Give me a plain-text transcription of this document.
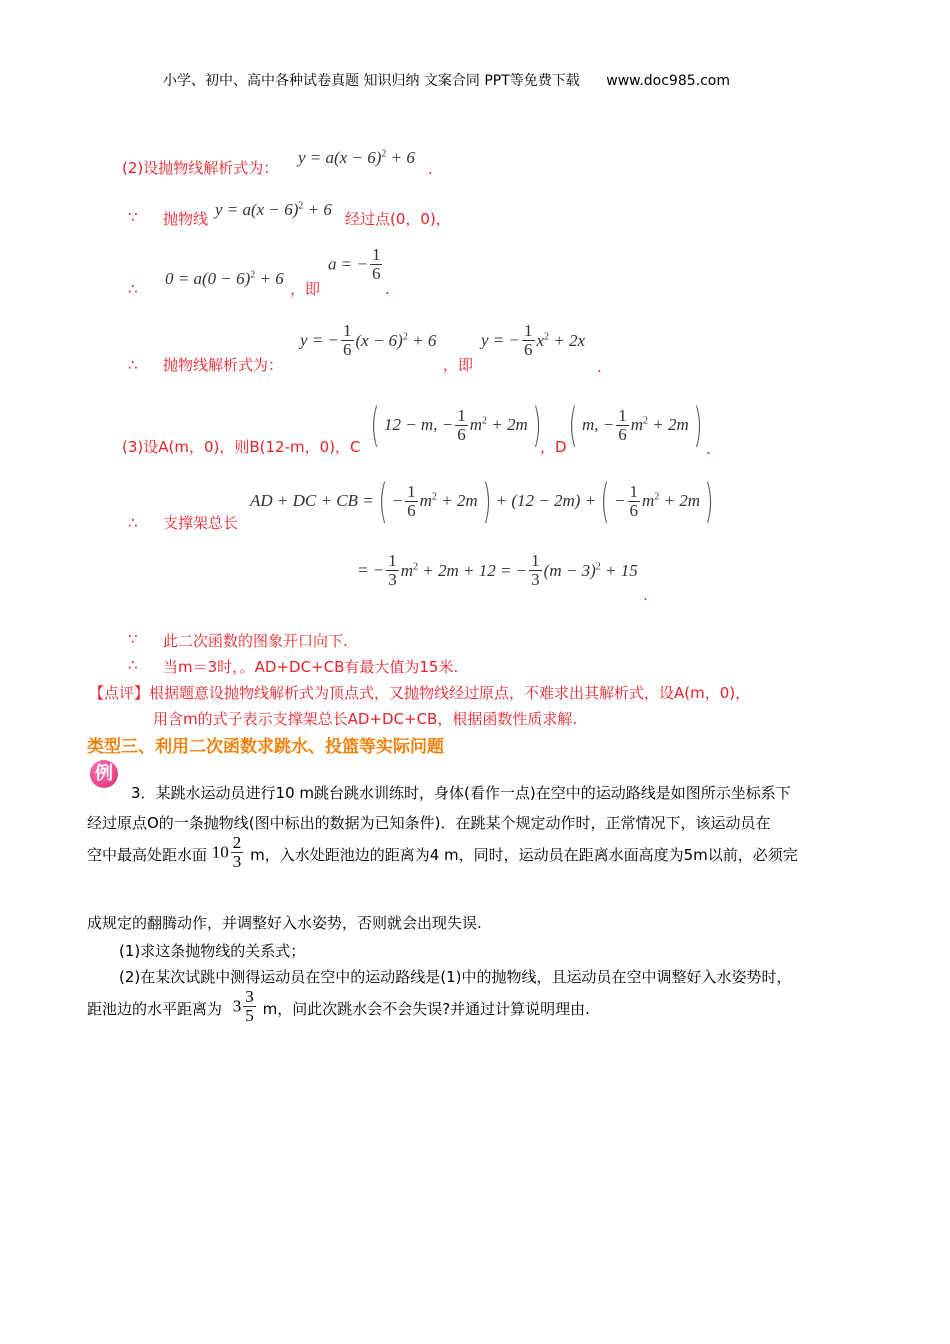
小学、初中、高中各种试卷真题 知识归纳 文案合同 PPT等免费下载 www.doc985.com
(2)设抛物线解析式为：
$y = a(x - 6)^2 + 6$
.
∵ 抛物线 $y = a(x - 6)^2 + 6$ 经过点(0，0)，
∴
$0 = a(0 - 6)^2 + 6$
，即
a = − $\frac{1}{6}$
.
∴ 抛物线解析式为：
y = − $\frac{1}{6} (x - 6)^2 + 6$
，即
y = − $\frac{1}{6} x^2 + 2x$
.
(3)设A(m，0)，则B(12-m，0)，C ( 12 − m, − $\frac{1}{6} m^2 + 2m$)
，D ( m, − $\frac{1}{6} m^2 + 2m$) .
∴ 支撑架总长
AD + DC + CB =( − $\frac{1}{6} m^2 + 2m) + (12 - 2m)$ +( − $\frac{1}{6} m^2 + 2m$)
= − $\frac{1}{3} m^2 + 2m + 12$ = − $\frac{1}{3} (m - 3)^2 + 15$
.
∵ 此二次函数的图象开口向下.
∴ 当m＝3时，。AD+DC+CB有最大值为15米.
【点评】根据题意设抛物线解析式为顶点式，又抛物线经过原点，不难求出其解析式，设A(m，0)，
用含m的式子表示支撑架总长AD+DC+CB，根据函数性质求解.
类型三、利用二次函数求跳水、投篮等实际问题
例
3．某跳水运动员进行10 m跳台跳水训练时，身体(看作一点)在空中的运动路线是如图所示坐标系下
经过原点O的一条抛物线(图中标出的数据为已知条件)．在跳某个规定动作时，正常情况下，该运动员在
空中最高处距水面 $10 \frac{2}{3}$ m，入水处距池边的距离为4 m，同时，运动员在距离水面高度为5m以前，必须完
成规定的翻腾动作，并调整好入水姿势，否则就会出现失误.
(1)求这条抛物线的关系式；
(2)在某次试跳中测得运动员在空中的运动路线是(1)中的抛物线，且运动员在空中调整好入水姿势时，
距池边的水平距离为 $3 \frac{3}{5}$ m，问此次跳水会不会失误?并通过计算说明理由.
